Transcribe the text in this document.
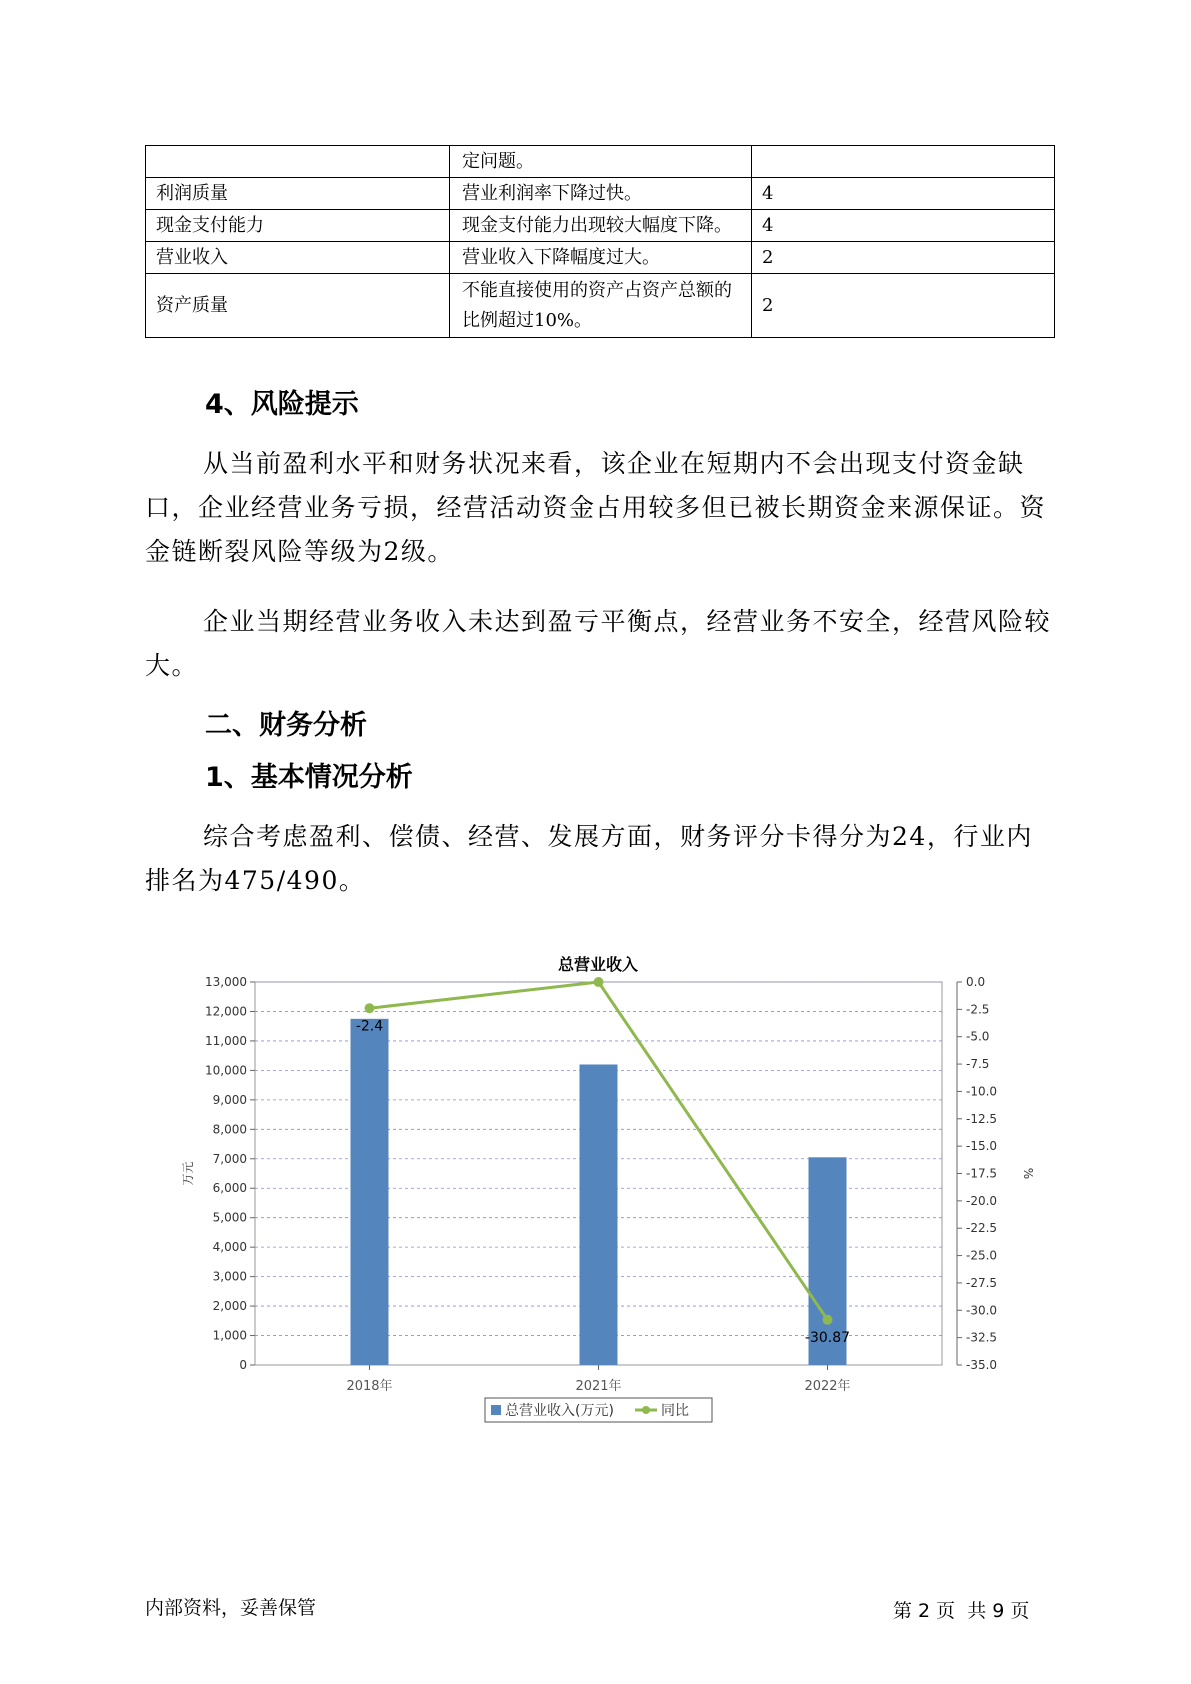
	定问题。	
利润质量	营业利润率下降过快。	4
现金支付能力	现金支付能力出现较大幅度下降。	4
营业收入	营业收入下降幅度过大。	2
资产质量	不能直接使用的资产占资产总额的比例超过10%。	2
4、风险提示
从当前盈利水平和财务状况来看，该企业在短期内不会出现支付资金缺口，企业经营业务亏损，经营活动资金占用较多但已被长期资金来源保证。资金链断裂风险等级为2级。
企业当期经营业务收入未达到盈亏平衡点，经营业务不安全，经营风险较大。
二、财务分析
1、基本情况分析
综合考虑盈利、偿债、经营、发展方面，财务评分卡得分为24，行业内排名为475/490。
总营业收入
0
1,000
2,000
3,000
4,000
5,000
6,000
7,000
8,000
9,000
10,000
11,000
12,000
13,000	0.0
-2.5
-5.0
-7.5
-10.0
-12.5
-15.0
-17.5
-20.0
-22.5
-25.0
-27.5
-30.0
-32.5
-35.0
万元	%
2018年	2021年	2022年
-2.4
-30.87
总营业收入(万元)	同比
内部资料，妥善保管	第 2 页  共 9 页
